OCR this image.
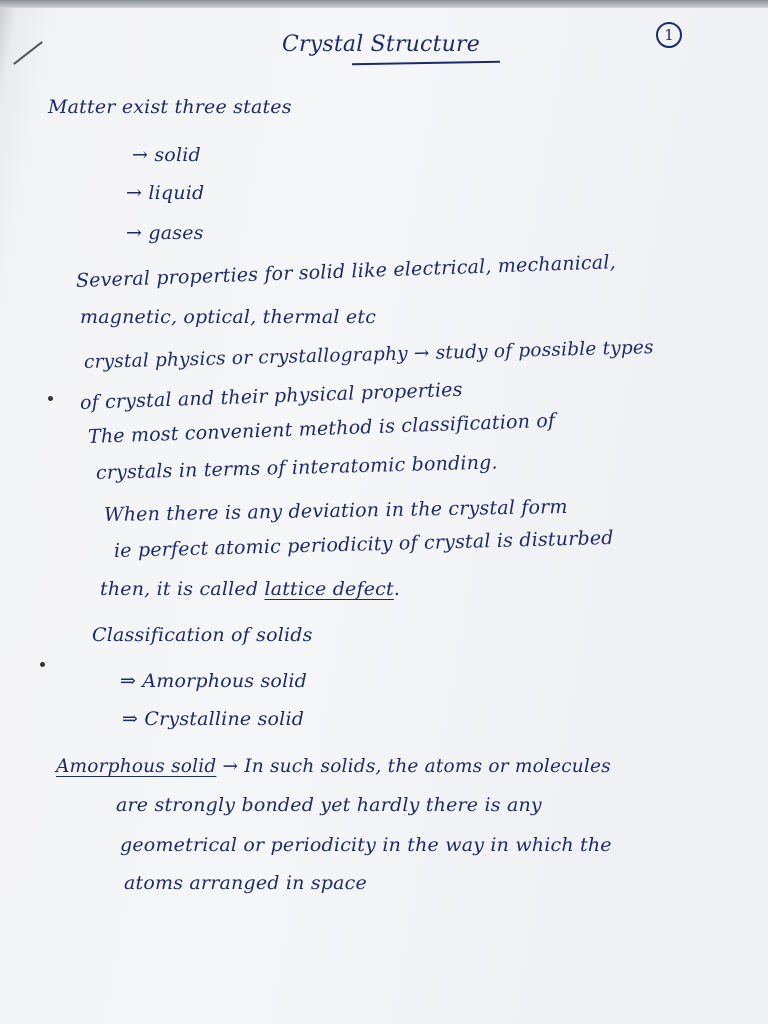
Crystal Structure	1
Matter exist three states
→ solid
→ liquid
→ gases
Several properties for solid like electrical, mechanical,
magnetic, optical, thermal etc
crystal physics or crystallography → study of possible types
of crystal and their physical properties
The most convenient method is classification of
crystals in terms of interatomic bonding.
When there is any deviation in the crystal form
ie perfect atomic periodicity of crystal is disturbed
then, it is called lattice defect.
Classification of solids
⇒ Amorphous solid
⇒ Crystalline solid
Amorphous solid → In such solids, the atoms or molecules
are strongly bonded yet hardly there is any
geometrical or periodicity in the way in which the
atoms arranged in space
